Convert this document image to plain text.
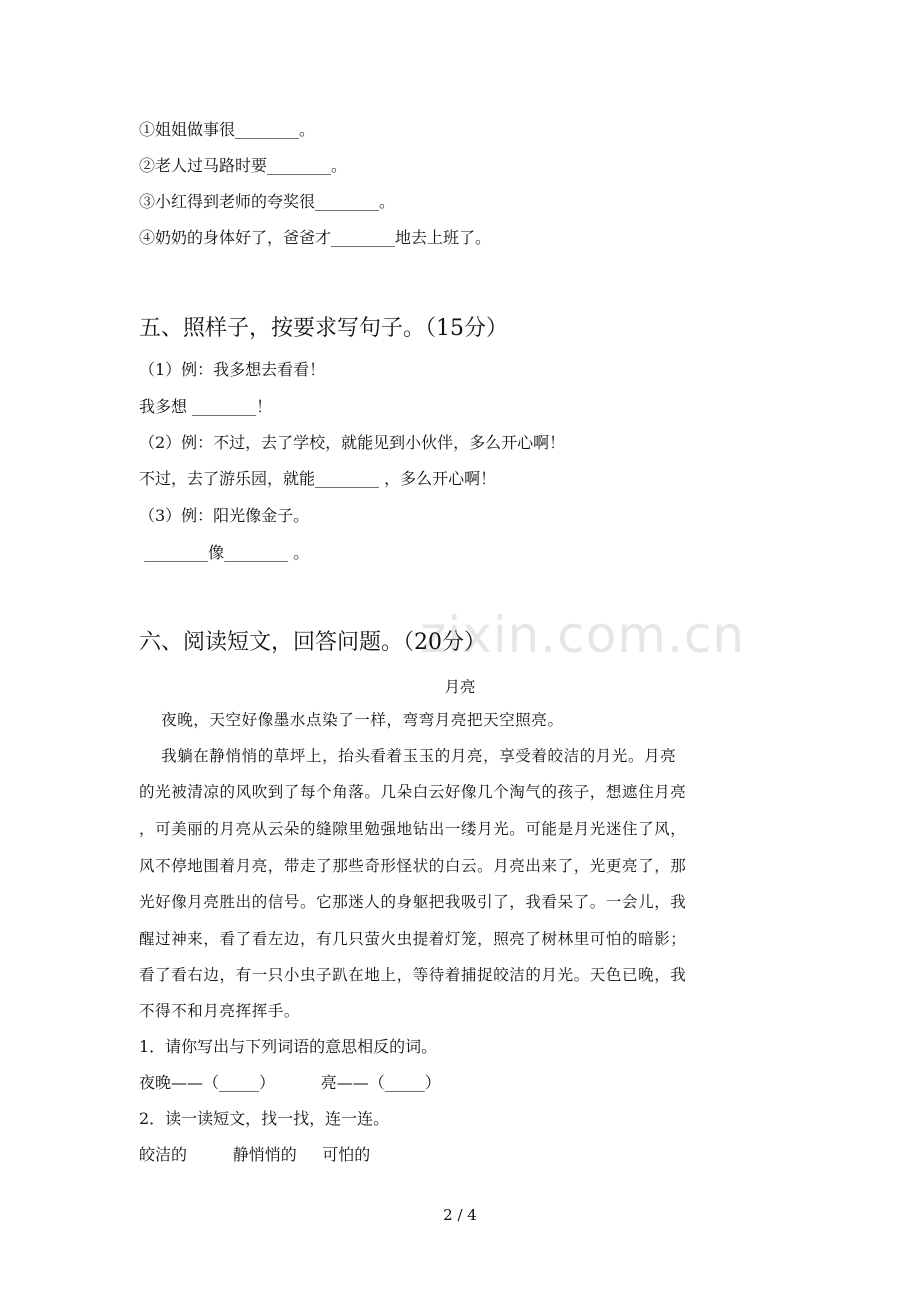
①姐姐做事很________。
②老人过马路时要________。
③小红得到老师的夸奖很________。
④奶奶的身体好了，爸爸才________地去上班了。
五、照样子，按要求写句子。（15分）
（1）例：我多想去看看！
我多想 ________！
（2）例：不过，去了学校，就能见到小伙伴，多么开心啊！
不过，去了游乐园，就能________ ，多么开心啊！
（3）例：阳光像金子。
________像________ 。
zixin.com.cn
六、阅读短文，回答问题。（20分）
月亮
夜晚，天空好像墨水点染了一样，弯弯月亮把天空照亮。
我躺在静悄悄的草坪上，抬头看着玉玉的月亮，享受着皎洁的月光。月亮
的光被清凉的风吹到了每个角落。几朵白云好像几个淘气的孩子，想遮住月亮
，可美丽的月亮从云朵的缝隙里勉强地钻出一缕月光。可能是月光迷住了风，
风不停地围着月亮，带走了那些奇形怪状的白云。月亮出来了，光更亮了，那
光好像月亮胜出的信号。它那迷人的身躯把我吸引了，我看呆了。一会儿，我
醒过神来，看了看左边，有几只萤火虫提着灯笼，照亮了树林里可怕的暗影；
看了看右边，有一只小虫子趴在地上，等待着捕捉皎洁的月光。天色已晚，我
不得不和月亮挥挥手。
1．请你写出与下列词语的意思相反的词。
夜晚——（_____）         亮——（_____）
2．读一读短文，找一找，连一连。
皎洁的         静悄悄的     可怕的
2 / 4
